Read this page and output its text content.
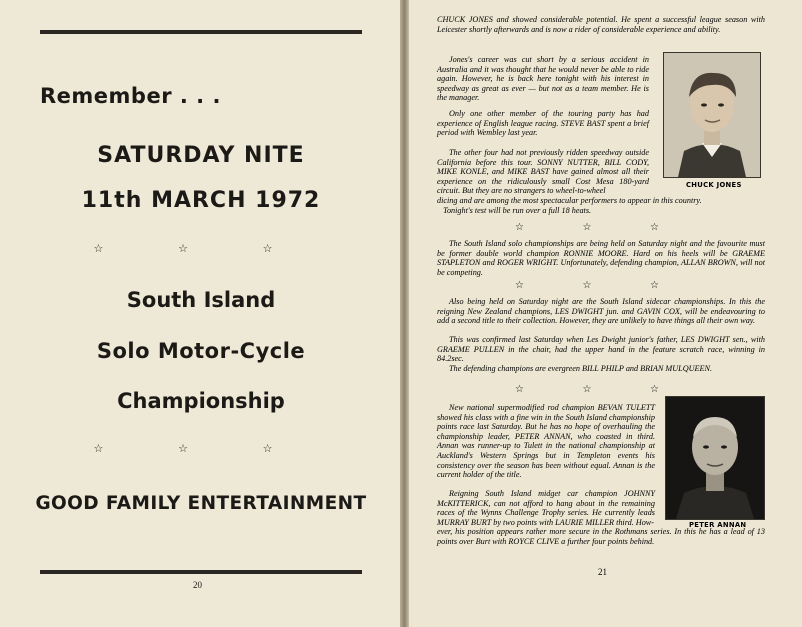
Remember . . .
SATURDAY NITE
11th MARCH 1972
☆ ☆ ☆
South Island
Solo Motor-Cycle
Championship
☆ ☆ ☆
GOOD FAMILY ENTERTAINMENT
20

CHUCK JONES and showed considerable potential. He spent a successful league season with Leicester shortly afterwards and is now a rider of considerable experience and ability.

Jones's career was cut short by a serious accident in Australia and it was thought that he would never be able to ride again. However, he is back here tonight with his interest in speedway as great as ever — but not as a team member. He is the manager.

Only one other member of the touring party has had experience of English league racing. STEVE BAST spent a brief period with Wembley last year.

The other four had not previously ridden speedway outside California before this tour. SONNY NUTTER, BILL CODY, MIKE KONLE, and MIKE BAST have gained almost all their experience on the ridiculously small Cost Mesa 180-yard circuit. But they are no strangers to wheel-to-wheel
dicing and are among the most spectacular performers to appear in this country.
Tonight's test will be run over a full 18 heats.

☆ ☆ ☆

The South Island solo championships are being held on Saturday night and the favourite must be former double world champion RONNIE MOORE. Hard on his heels will be GRAEME STAPLETON and ROGER WRIGHT. Unfortunately, defending champion, ALLAN BROWN, will not be competing.

☆ ☆ ☆

Also being held on Saturday night are the South Island sidecar championships. In this the reigning New Zealand champions, LES DWIGHT jun. and GAVIN COX, will be endeavouring to add a second title to their collection. However, they are unlikely to have things all their own way.

This was confirmed last Saturday when Les Dwight junior's father, LES DWIGHT sen., with GRAEME PULLEN in the chair, had the upper hand in the feature scratch race, winning in 84.2sec.

The defending champions are evergreen BILL PHILP and BRIAN MULQUEEN.

☆ ☆ ☆

New national supermodified rod champion BEVAN TULETT showed his class with a fine win in the South Island championship points race last Saturday. But he has no hope of overhauling the championship leader, PETER ANNAN, who coasted in third. Annan was runner-up to Tulett in the national championship at Auckland's Western Springs but in Templeton events his consistency over the season has been without equal. Annan is the current holder of the title.

Reigning South Island midget car champion JOHNNY McKITTERICK, can not afford to hang about in the remaining races of the Wynns Challenge Trophy series. He currently leads MURRAY BURT by two points with LAURIE MILLER third. How-
ever, his position appears rather more secure in the Rothmans series. In this he has a lead of 13 points over Burt with ROYCE CLIVE a further four points behind.

CHUCK JONES
PETER ANNAN
21
